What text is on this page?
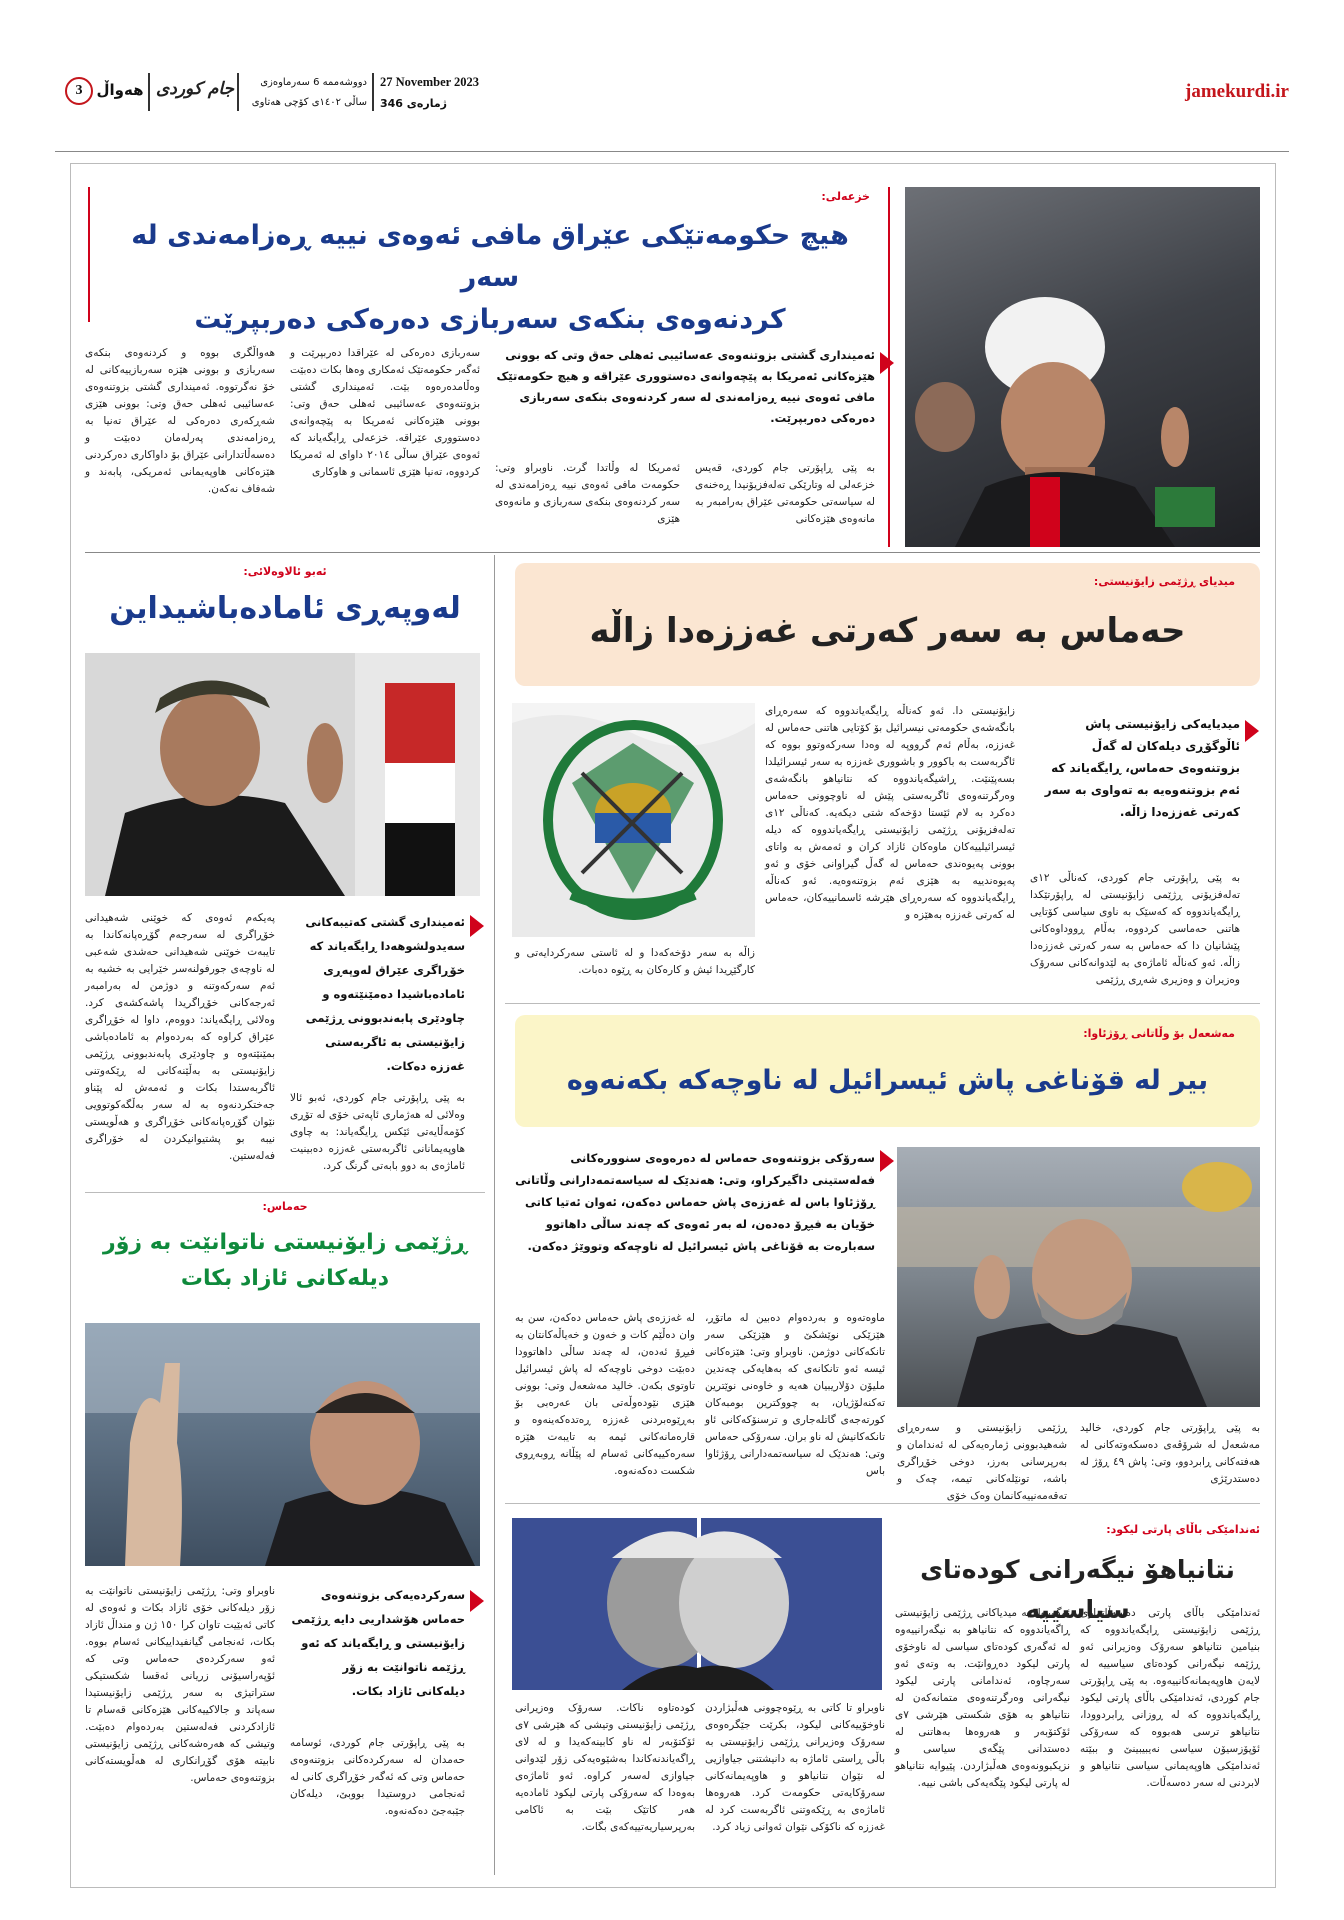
jamekurdi.ir
27 November 2023
ژمارەی 346
دووشەممە 6 سەرماوەزی
ساڵی ١٤٠٢ی کۆچی هەتاوی
جام کوردی
هەواڵ
3
خزعەلی:
هیچ حکومەتێکی عێراق مافی ئەوەی نییە ڕەزامەندی لە سەر
کردنەوەی بنکەی سەربازی دەرەکی دەربپرێت
ئەمینداری گشتی بزوتنەوەی عەسائیبی ئەهلی حەق وتی کە بوونی هێزەکانی ئەمریکا بە پێچەوانەی دەستووری عێراقە و هیچ حکومەتێک مافی ئەوەی نییە ڕەزامەندی لە سەر کردنەوەی بنکەی سەربازی دەرەکی دەربپرێت.
بە پێی ڕاپۆرتی جام کوردی، قەیس خزعەلی لە وتارێکی تەلەفزیۆنیدا ڕەخنەی لە سیاسەتی حکومەتی عێراق بەرامبەر بە مانەوەی هێزەکانی
ئەمریکا لە وڵاتدا گرت. ناوبراو وتی: حکومەت مافی ئەوەی نییە ڕەزامەندی لە سەر کردنەوەی بنکەی سەربازی و مانەوەی هێزی
سەربازی دەرەکی لە عێراقدا دەربپرێت و ئەگەر حکومەتێک ئەمکاری وەها بکات دەبێت وەڵامدەرەوە بێت. ئەمینداری گشتی بزوتنەوەی عەسائیبی ئەهلی حەق وتی: بوونی هێزەکانی ئەمریکا بە پێچەوانەی دەستووری عێراقە. خزعەلی ڕایگەیاند کە ئەوەی عێراق ساڵی ٢٠١٤ داوای لە ئەمریکا کردووە، تەنیا هێزی ئاسمانی و هاوکاری
هەواڵگری بووە و کردنەوەی بنکەی سەربازی و بوونی هێزە سەربازییەکانی لە خۆ نەگرتووە. ئەمینداری گشتی بزوتنەوەی عەسائیبی ئەهلی حەق وتی: بوونی هێزی شەڕکەری دەرەکی لە عێراق تەنیا بە ڕەزامەندی پەرلەمان دەبێت و دەسەڵاتدارانی عێراق بۆ داواکاری دەرکردنی هێزەکانی هاوپەیمانی ئەمریکی، پابەند و شەفاف نەکەن.
میدیای ڕژێمی زایۆنیستی:
حەماس بە سەر کەرتی غەززەدا زاڵە
میدیایەکی زایۆنیستی پاش ئاڵوگۆڕی دیلەکان لە گەڵ بزوتنەوەی حەماس، ڕایگەیاند کە ئەم بزوتنەوەیە بە تەواوی بە سەر کەرتی غەززەدا زاڵە.
بە پێی ڕاپۆرتی جام کوردی، کەناڵی ١٢ی تەلەفزیۆنی ڕژێمی زایۆنیستی لە ڕاپۆرتێکدا ڕایگەیاندووە کە کەسێک بە ناوی سیاسی کۆتایی هاتنی حەماسی کردووە، بەڵام ڕووداوەکانی پێشانیان دا کە حەماس بە سەر کەرتی غەززەدا زاڵە. ئەو کەناڵە ئاماژەی بە لێدوانەکانی سەرۆک وەزیران و وەزیری شەڕی ڕژێمی
زایۆنیستی دا. ئەو کەناڵە ڕایگەیاندووە کە سەرەڕای بانگەشەی حکومەتی نیسرائیل بۆ کۆتایی هاتنی حەماس لە غەززە، بەڵام ئەم گرووپە لە وەدا سەرکەوتوو بووە کە ئاگربەست بە باکوور و باشووری غەززە بە سەر ئیسرائیلدا بسەپێنێت. ڕاشیگەیاندووە کە نتانیاهو بانگەشەی وەرگرتنەوەی ئاگربەستی پێش لە ناوچوونی حەماس دەکرد بە لام ئێستا دۆخەکە شتی دیکەیە. کەناڵی ١٢ی تەلەفزیۆنی ڕژێمی زایۆنیستی ڕایگەیاندووە کە دیلە ئیسرائیلییەکان ماوەکان ئازاد کران و ئەمەش بە واتای بوونی پەیوەندی حەماس لە گەڵ گیراوانی خۆی و ئەو پەیوەندییە بە هێزی ئەم بزوتنەوەیە. ئەو کەناڵە ڕایگەیاندووە کە سەرەڕای هێرشە ئاسمانییەکان، حەماس لە کەرتی غەززە بەهێزە و
زاڵە بە سەر دۆخەکەدا و لە ئاستی سەرکردایەتی و کارگێڕیدا ئیش و کارەکان بە ڕێوە دەبات.
ئەبو ئالاوەلائی:
لەوپەڕی ئامادەباشیداین
ئەمینداری گشتی کەتیبەکانی سەیدولشوهەدا ڕایگەیاند کە خۆڕاگری عێراق لەوپەڕی ئامادەباشیدا دەمێنێتەوە و چاودێری پابەندبوونی ڕژێمی زایۆنیستی بە ئاگربەستی غەززە دەکات.
بە پێی ڕاپۆرتی جام کوردی، ئەبو ئالا وەلائی لە هەژماری ئاپەتی خۆی لە تۆڕی کۆمەڵایەتی ئێکس ڕایگەیاند: بە چاوی هاوپەیمانانی ئاگربەستی غەززە دەبینیت ئاماژەی بە دوو بابەتی گرنگ کرد.
پەیکەم ئەوەی کە خوێنی شەهیدانی خۆڕاگری لە سەرجەم گۆڕەپانەکاندا بە تایبەت خوێنی شەهیدانی حەشدی شەعبی لە ناوچەی جورفولنەسر خێرایی بە خشیە بە ئەم سەرکەوتنە و دوژمن لە بەرامبەر ئەرجەکانی خۆڕاگریدا پاشەکشەی کرد. وەلائی ڕایگەیاند: دووەم، داوا لە خۆڕاگری عێراق کراوە کە بەردەوام بە ئامادەباشی بمێنێتەوە و چاودێری پابەندبوونی ڕژێمی زایۆنیستی بە بەڵێنەکانی لە ڕێکەوتنی ئاگربەستدا بکات و ئەمەش لە پێناو جەختکردنەوە بە لە سەر بەڵگەکوتوویی نێوان گۆڕەپانەکانی خۆڕاگری و هەڵویستی نیبە بو پشتیوانیکردن لە خۆراگری فەلەستین.
مەشعەل بۆ وڵاتانی ڕۆژئاوا:
بیر لە قۆناغی پاش ئیسرائیل لە ناوچەکە بکەنەوە
سەرۆکی بزوتنەوەی حەماس لە دەرەوەی سنوورەکانی فەلەستینی داگیرکراو، وتی: هەندێک لە سیاسەتمەدارانی وڵاتانی ڕۆژئاوا باس لە غەززەی پاش حەماس دەکەن، ئەوان ئەتیا کاتی خۆیان بە فیڕۆ دەدەن، لە بەر ئەوەی کە چەند ساڵی داهاتوو سەبارەت بە قۆناغی پاش ئیسرائیل لە ناوچەکە وتووێژ دەکەن.
بە پێی ڕاپۆرتی جام کوردی، خالید مەشعەل لە شرۆڤەی دەسکەوتەکانی لە هەفتەکانی ڕابردوو، وتی: پاش ٤٩ ڕۆژ لە دەستدرێژی
ڕژێمی زایۆنیستی و سەرەڕای شەهیدبوونی ژمارەیەکی لە ئەندامان و بەرپرسانی بەرز، دوخی خۆڕاگری باشە، تونێلەکانی تیمە، چەک و تەقەمەنییەکانمان وەک خۆی
ماوەتەوە و بەردەوام دەبین لە ماتۆڕ، هێزێکی نوێشکێ و هێزێکی سەر تانکەکانی دوژمن. ناوبراو وتی: هێزەکانی ئیسە ئەو تانکانەی کە بەهایەکی چەندین ملیۆن دۆلاریبیان هەیە و خاوەنی نوێترین تەکنەلۆژیان، بە چووکترین بومبەکان کورتەجەی گاتلەجاری و ترسنۆکەکانی ئاو تانکەکانیش لە ناو بران. سەرۆکی حەماس وتی: هەندێک لە سیاسەتمەدارانی ڕۆژئاوا باس
لە غەززەی پاش حەماس دەکەن، سن بە وان دەڵێم کات و خەون و خەیاڵەکانتان بە فیڕۆ ئەدەن، لە چەند ساڵی داهاتوودا دەبێت دوخی ناوچەکە لە پاش ئیسرائیل تاوتوی بکەن. خالید مەشعەل وتی: بوونی هێزی نێودەوڵەتی بان عەرەبی بۆ بەڕێوەبردنی غەززە ڕەتدەکەینەوە و قارەمانەکانی ئیمە بە تایبەت هێزە سەرەکییەکانی ئەسام لە پێڵانە ڕوبەڕوی شکست دەکەنەوە.
حەماس:
ڕژێمی زایۆنیستی ناتوانێت بە زۆر
دیلەکانی ئازاد بکات
سەرکردەیەکی بزوتنەوەی حەماس هۆشداریی دایە ڕژێمی زایۆنیستی و ڕایگەیاند کە ئەو ڕژێمە ناتوانێت بە زۆر دیلەکانی ئازاد بکات.
بە پێی ڕاپۆرتی جام کوردی، ئوسامە حەمدان لە سەرکردەکانی بزوتنەوەی حەماس وتی کە ئەگەر خۆڕاگری کانی لە ئەنجامی دروستیدا بووبێ، دیلەکان جێبەجێ دەکەنەوە.
ناوبراو وتی: ڕژێمی زایۆنیستی ناتوانێت بە زۆر دیلەکانی خۆی ئازاد بکات و ئەوەی لە کاتی ئەبێیت تاوان کرا ١٥٠ ژن و منداڵ ئازاد بکات، ئەنجامی گیانفیداییکانی ئەسام بووە. ئەو سەرکردەی حەماس وتی کە ئۆپەراسیۆنی زریانی ئەقسا شکستیکی ستراتیژی بە سەر ڕژێمی زایۆنیستیدا سەپاند و جالاکییەکانی هێزەکانی قەسام تا ئازادکردنی فەلەستین بەردەوام دەبێت. وتیشی کە هەرەشەکانی ڕژێمی زایۆنیستی نابیتە هۆی گۆڕانکاری لە هەڵویستەکانی بزوتنەوەی حەماس.
ئەندامێکی باڵای پارتی لیکود:
نتانیاهۆ نیگەرانی کودەتای سیاسییە
ئەندامێکی باڵای پارتی دەسەڵاتداری ڕژێمی زایۆنیستی ڕایگەیاندووە کە بنیامین نتانیاهو سەرۆک وەزیرانی ئەو ڕژێمە نیگەرانی کودەتای سیاسییە لە لایەن هاوپەیمانەکانییەوە. بە پێی ڕاپۆرتی جام کوردی، ئەندامێکی باڵای پارتی لیکود ڕایگەیاندووە کە لە ڕوزانی ڕابردوودا، نتانیاهو ترسی هەبووە کە سەرۆکی ئۆپۆزسیۆن سیاسی نەیبیبینێ و ببێتە ئەندامێکی هاوپەیمانی سیاسی نتانیاهو و لابردنی لە سەر دەسەڵات.
ئەگەروا، بە میدیاکانی ڕژێمی زایۆنیستی ڕاگەیاندووە کە نتانیاهو بە نیگەرانییەوە لە ئەگەری کودەتای سیاسی لە ناوخۆی پارتی لیکود دەڕوانێت. بە وتەی ئەو سەرچاوە، ئەندامانی پارتی لیکود نیگەرانی وەرگرتنەوەی متمانەکەن لە نتانیاهو بە هۆی شکستی هێرشی ٧ی ئۆکتۆبەر و هەروەها بەهاتنی لە دەستدانی پێگەی سیاسی و نزیکبوونەوەی هەڵبژاردن. پێیوایە نتانیاهو لە پارتی لیکود پێگەیەکی باشی نییە.
ناوبراو تا کاتی بە ڕێوەچوونی هەڵبژاردن ناوخۆییەکانی لیکود، بکرێت جێگرەوەی سەرۆک وەزیرانی ڕژێمی زایۆنیستی بە باڵی ڕاستی ئاماژە بە دانیشتنی جیاوازیی لە نێوان نتانیاهو و هاوپەیمانەکانی سەرۆکایەتی حکومەت کرد. هەروەها ئاماژەی بە ڕێکەوتنی ئاگربەست کرد لە غەززە کە ناکۆکی نێوان ئەوانی زیاد کرد.
کودەتاوە ناکات. سەرۆک وەزیرانی ڕژێمی زایۆنیستی وتیشی کە هێرشی ٧ی ئۆکتۆبەر لە ناو کابینەکەیدا و لە لای ڕاگەیاندنەکاندا بەشێوەیەکی زۆر لێدوانی جیاوازی لەسەر کراوە. ئەو ئاماژەی بەوەدا کە سەرۆکی پارتی لیکود ئامادەیە هەر کاتێک بێت بە ئاکامی بەرپرسیاریەتییەکەی بگات.
